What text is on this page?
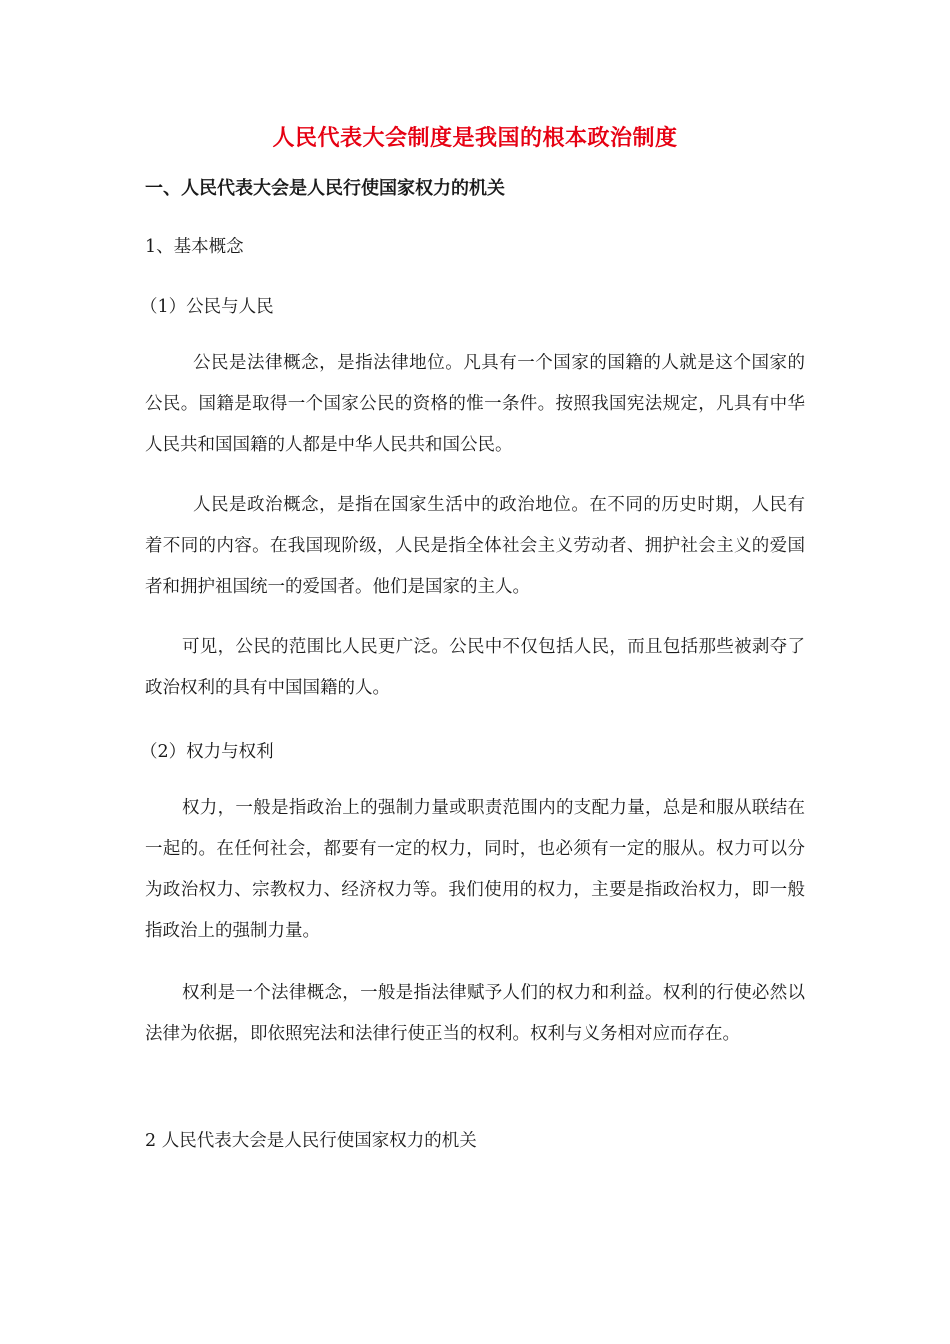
人民代表大会制度是我国的根本政治制度
一、人民代表大会是人民行使国家权力的机关
1、基本概念
（1）公民与人民
公民是法律概念，是指法律地位。凡具有一个国家的国籍的人就是这个国家的公民。国籍是取得一个国家公民的资格的惟一条件。按照我国宪法规定，凡具有中华人民共和国国籍的人都是中华人民共和国公民。
人民是政治概念，是指在国家生活中的政治地位。在不同的历史时期，人民有着不同的内容。在我国现阶级，人民是指全体社会主义劳动者、拥护社会主义的爱国者和拥护祖国统一的爱国者。他们是国家的主人。
可见，公民的范围比人民更广泛。公民中不仅包括人民，而且包括那些被剥夺了政治权利的具有中国国籍的人。
（2）权力与权利
权力，一般是指政治上的强制力量或职责范围内的支配力量，总是和服从联结在一起的。在任何社会，都要有一定的权力，同时，也必须有一定的服从。权力可以分为政治权力、宗教权力、经济权力等。我们使用的权力，主要是指政治权力，即一般指政治上的强制力量。
权利是一个法律概念，一般是指法律赋予人们的权力和利益。权利的行使必然以法律为依据，即依照宪法和法律行使正当的权利。权利与义务相对应而存在。
2 人民代表大会是人民行使国家权力的机关
